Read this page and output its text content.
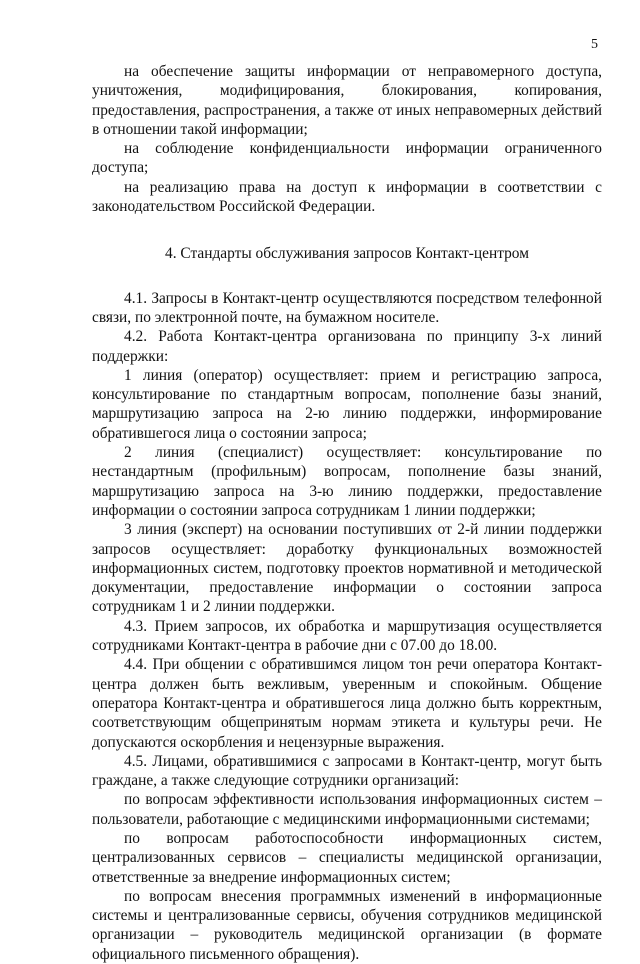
5

на обеспечение защиты информации от неправомерного доступа, уничтожения, модифицирования, блокирования, копирования, предоставления, распространения, а также от иных неправомерных действий в отношении такой информации;

на соблюдение конфиденциальности информации ограниченного доступа;

на реализацию права на доступ к информации в соответствии с законодательством Российской Федерации.

4. Стандарты обслуживания запросов Контакт-центром

4.1. Запросы в Контакт-центр осуществляются посредством телефонной связи, по электронной почте, на бумажном носителе.

4.2. Работа Контакт-центра организована по принципу 3-х линий поддержки:

1 линия (оператор) осуществляет: прием и регистрацию запроса, консультирование по стандартным вопросам, пополнение базы знаний, маршрутизацию запроса на 2-ю линию поддержки, информирование обратившегося лица о состоянии запроса;

2 линия (специалист) осуществляет: консультирование по нестандартным (профильным) вопросам, пополнение базы знаний, маршрутизацию запроса на 3-ю линию поддержки, предоставление информации о состоянии запроса сотрудникам 1 линии поддержки;

3 линия (эксперт) на основании поступивших от 2-й линии поддержки запросов осуществляет: доработку функциональных возможностей информационных систем, подготовку проектов нормативной и методической документации, предоставление информации о состоянии запроса сотрудникам 1 и 2 линии поддержки.

4.3. Прием запросов, их обработка и маршрутизация осуществляется сотрудниками Контакт-центра в рабочие дни с 07.00 до 18.00.

4.4. При общении с обратившимся лицом тон речи оператора Контакт-центра должен быть вежливым, уверенным и спокойным. Общение оператора Контакт-центра и обратившегося лица должно быть корректным, соответствующим общепринятым нормам этикета и культуры речи. Не допускаются оскорбления и нецензурные выражения.

4.5. Лицами, обратившимися с запросами в Контакт-центр, могут быть граждане, а также следующие сотрудники организаций:

по вопросам эффективности использования информационных систем – пользователи, работающие с медицинскими информационными системами;

по вопросам работоспособности информационных систем, централизованных сервисов – специалисты медицинской организации, ответственные за внедрение информационных систем;

по вопросам внесения программных изменений в информационные системы и централизованные сервисы, обучения сотрудников медицинской организации – руководитель медицинской организации (в формате официального письменного обращения).
